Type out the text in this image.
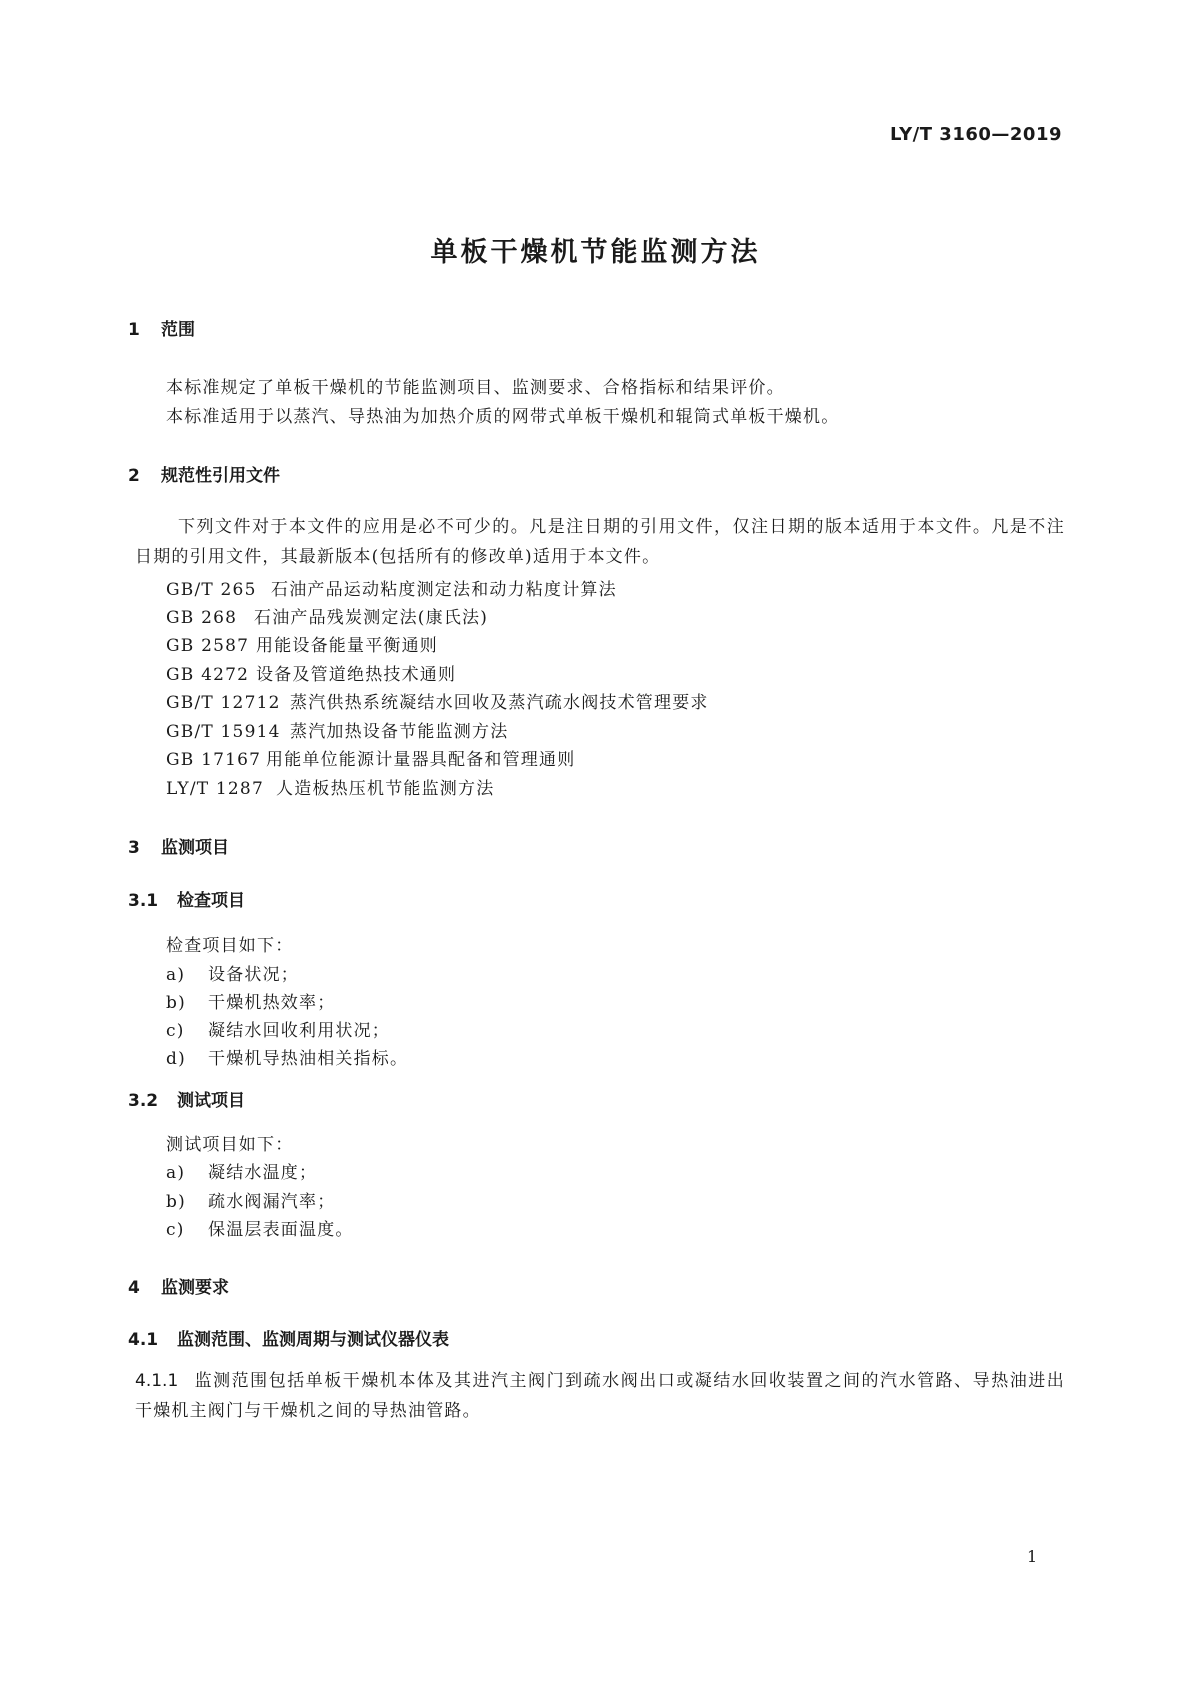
LY/T 3160—2019
单板干燥机节能监测方法
1 范围
本标准规定了单板干燥机的节能监测项目、监测要求、合格指标和结果评价。
本标准适用于以蒸汽、导热油为加热介质的网带式单板干燥机和辊筒式单板干燥机。
2 规范性引用文件
下列文件对于本文件的应用是必不可少的。凡是注日期的引用文件，仅注日期的版本适用于本文件。凡是不注日期的引用文件，其最新版本(包括所有的修改单)适用于本文件。
GB/T 265 石油产品运动粘度测定法和动力粘度计算法
GB 268 石油产品残炭测定法(康氏法)
GB 2587 用能设备能量平衡通则
GB 4272 设备及管道绝热技术通则
GB/T 12712 蒸汽供热系统凝结水回收及蒸汽疏水阀技术管理要求
GB/T 15914 蒸汽加热设备节能监测方法
GB 17167 用能单位能源计量器具配备和管理通则
LY/T 1287 人造板热压机节能监测方法
3 监测项目
3.1 检查项目
检查项目如下：
a) 设备状况；
b) 干燥机热效率；
c) 凝结水回收利用状况；
d) 干燥机导热油相关指标。
3.2 测试项目
测试项目如下：
a) 凝结水温度；
b) 疏水阀漏汽率；
c) 保温层表面温度。
4 监测要求
4.1 监测范围、监测周期与测试仪器仪表
4.1.1 监测范围包括单板干燥机本体及其进汽主阀门到疏水阀出口或凝结水回收装置之间的汽水管路、导热油进出干燥机主阀门与干燥机之间的导热油管路。
1
